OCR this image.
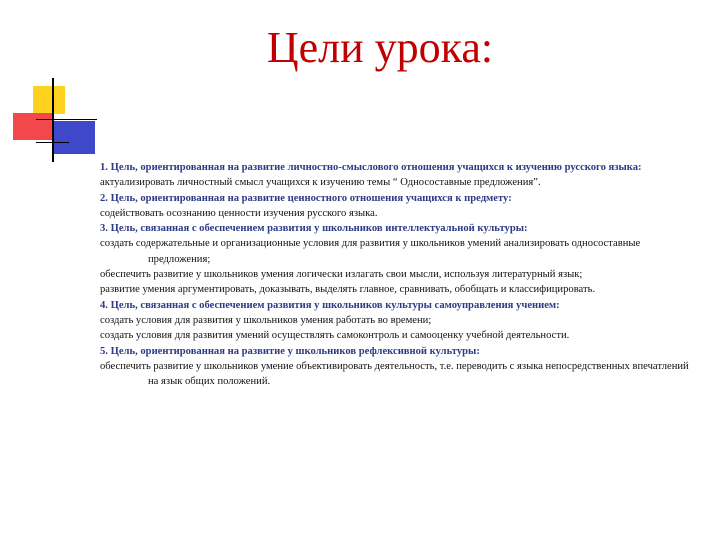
Цели урока:

1. Цель, ориентированная на развитие личностно-смыслового отношения учащихся к изучению русского языка:

актуализировать личностный смысл учащихся к изучению темы “ Односоставные предложения”.

2. Цель, ориентированная на развитие ценностного отношения учащихся к предмету:

содействовать осознанию ценности изучения русского языка.

3. Цель, связанная с обеспечением развития у школьников интеллектуальной культуры:

создать содержательные и организационные условия для развития у школьников умений анализировать односоставные предложения;

обеспечить развитие у школьников умения логически излагать свои мысли, используя литературный язык;

развитие умения аргументировать, доказывать, выделять главное, сравнивать, обобщать и классифицировать.

4. Цель, связанная с обеспечением развития у школьников культуры самоуправления учением:

создать условия для развития у школьников умения работать во времени;

создать условия для развития умений осуществлять самоконтроль и самооценку учебной деятельности.

5. Цель, ориентированная на развитие у школьников рефлексивной культуры:

обеспечить развитие у школьников умение объективировать деятельность, т.е. переводить с языка непосредственных впечатлений на язык общих положений.
